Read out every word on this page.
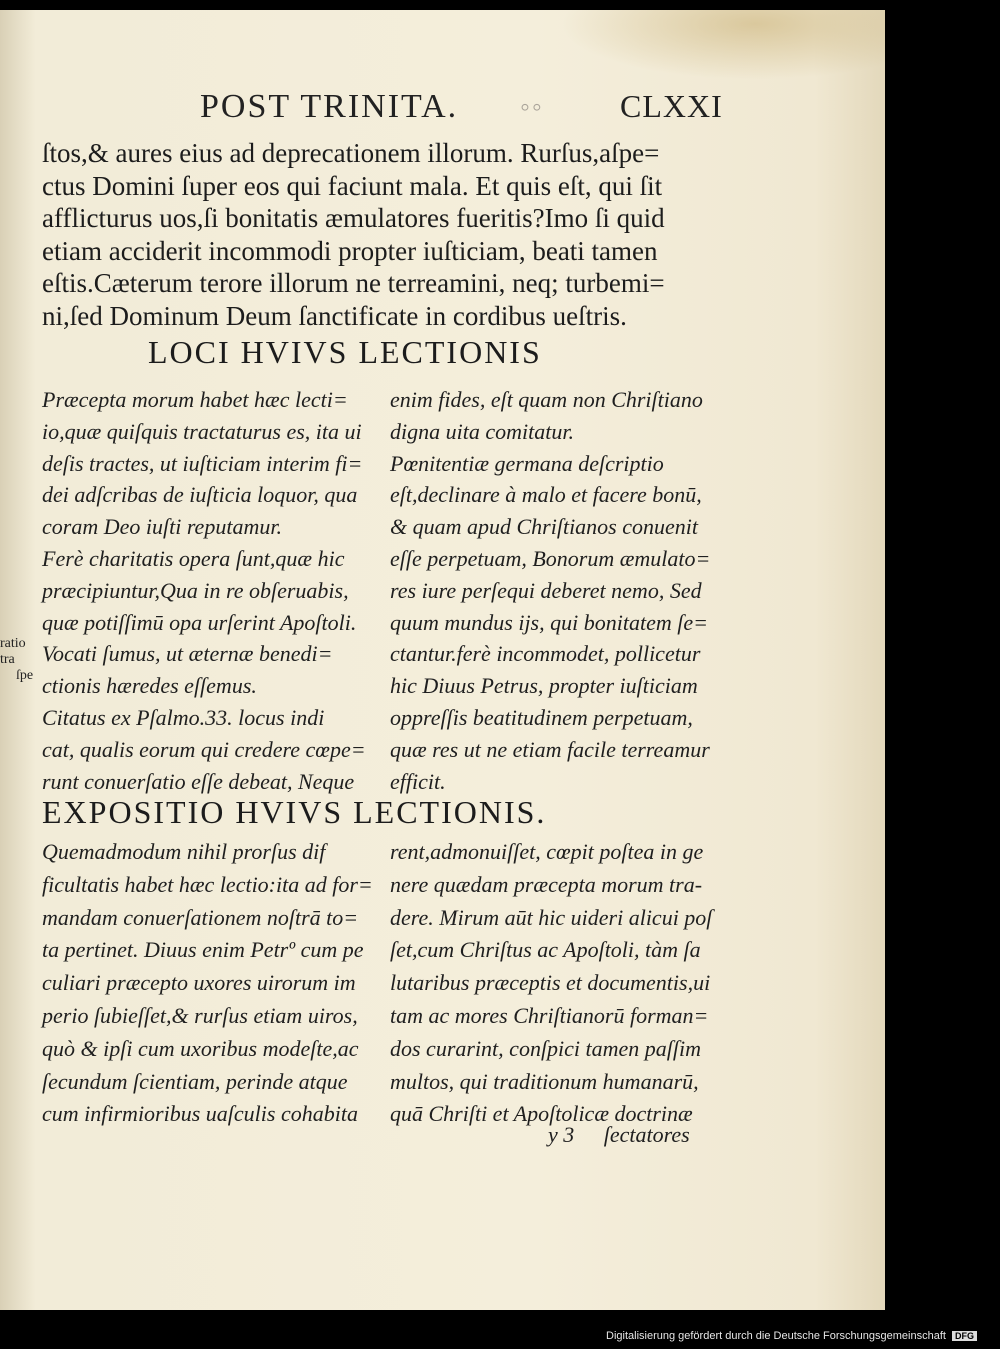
POST TRINITA. ◦◦ CLXXI
ſtos,& aures eius ad deprecationem illorum. Rurſus,aſpe=
ctus Domini ſuper eos qui faciunt mala. Et quis eſt, qui ſit
afflicturus uos,ſi bonitatis æmulatores fueritis?Imo ſi quid
etiam acciderit incommodi propter iuſticiam, beati tamen
eſtis.Cæterum terore illorum ne terreamini, neq; turbemi=
ni,ſed Dominum Deum ſanctificate in cordibus ueſtris.
LOCI HVIVS LECTIONIS
Præcepta morum habet hæc lecti=
io,quæ quiſquis tractaturus es, ita ui
deſis tractes, ut iuſticiam interim fi=
dei adſcribas de iuſticia loquor, qua
coram Deo iuſti reputamur.
Ferè charitatis opera ſunt,quæ hic
præcipiuntur,Qua in re obſeruabis,
quæ potiſſimū opa urſerint Apoſtoli.
Vocati ſumus, ut æternæ benedi=
ctionis hæredes eſſemus.
Citatus ex Pſalmo.33. locus indi
cat, qualis eorum qui credere cœpe=
runt conuerſatio eſſe debeat, Neque
enim fides, eſt quam non Chriſtiano
digna uita comitatur.
Pœnitentiæ germana deſcriptio
eſt,declinare à malo et facere bonū,
& quam apud Chriſtianos conuenit
eſſe perpetuam, Bonorum æmulato=
res iure perſequi deberet nemo, Sed
quum mundus ijs, qui bonitatem ſe=
ctantur.ferè incommodet, pollicetur
hic Diuus Petrus, propter iuſticiam
oppreſſis beatitudinem perpetuam,
quæ res ut ne etiam facile terreamur
efficit.
EXPOSITIO HVIVS LECTIONIS.
Quemadmodum nihil prorſus dif
ficultatis habet hæc lectio:ita ad for=
mandam conuerſationem noſtrā to=
ta pertinet. Diuus enim Petrº cum pe
culiari præcepto uxores uirorum im
perio ſubieſſet,& rurſus etiam uiros,
quò & ipſi cum uxoribus modeſte,ac
ſecundum ſcientiam, perinde atque
cum infirmioribus uaſculis cohabita
rent,admonuiſſet, cœpit poſtea in ge
nere quædam præcepta morum tra-
dere. Mirum aūt hic uideri alicui poſ
ſet,cum Chriſtus ac Apoſtoli, tàm ſa
lutaribus præceptis et documentis,ui
tam ac mores Chriſtianorū forman=
dos curarint, conſpici tamen paſſim
multos, qui traditionum humanarū,
quā Chriſti et Apoſtolicæ doctrinæ
ratio
tra
ſpe
y 3 ſectatores
Digitalisierung gefördert durch die Deutsche Forschungsgemeinschaft DFG
